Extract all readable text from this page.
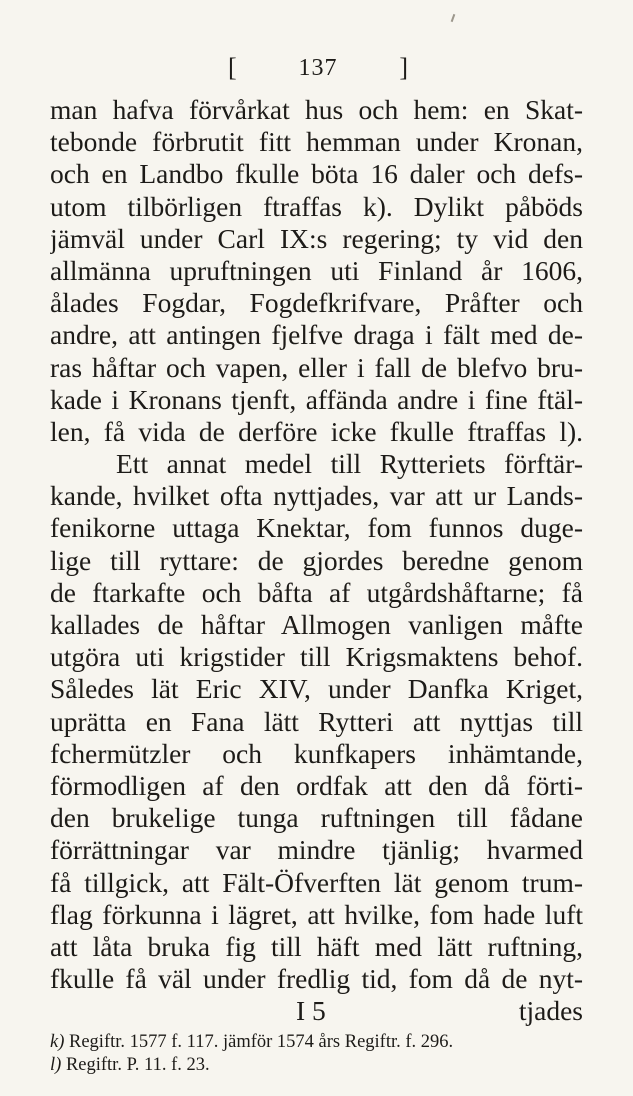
[	137 ]
man hafva förvårkat hus och hem: en Skat-
tebonde förbrutit fitt hemman under Kronan,
och en Landbo fkulle böta 16 daler och defs-
utom tilbörligen ftraffas k). Dylikt påböds
jämväl under Carl IX:s regering; ty vid den
allmänna upruftningen uti Finland år 1606,
ålades Fogdar, Fogdefkrifvare, Pråfter och
andre, att antingen fjelfve draga i fält med de-
ras håftar och vapen, eller i fall de blefvo bru-
kade i Kronans tjenft, affända andre i fine ftäl-
len, få vida de derföre icke fkulle ftraffas l).
Ett annat medel till Rytteriets förftär-
kande, hvilket ofta nyttjades, var att ur Lands-
fenikorne uttaga Knektar, fom funnos duge-
lige till ryttare: de gjordes beredne genom
de ftarkafte och båfta af utgårdshåftarne; få
kallades de håftar Allmogen vanligen måfte
utgöra uti krigstider till Krigsmaktens behof.
Således lät Eric XIV, under Danfka Kriget,
uprätta en Fana lätt Rytteri att nyttjas till
fchermützler och kunfkapers inhämtande,
förmodligen af den ordfak att den då förti-
den brukelige tunga ruftningen till fådane
förrättningar var mindre tjänlig; hvarmed
få tillgick, att Fält-Öfverften lät genom trum-
flag förkunna i lägret, att hvilke, fom hade luft
att låta bruka fig till häft med lätt ruftning,
fkulle få väl under fredlig tid, fom då de nyt-
I 5	tjades
k) Regiftr. 1577 f. 117. jämför 1574 års Regiftr. f. 296.
l) Regiftr. P. 11. f. 23.
